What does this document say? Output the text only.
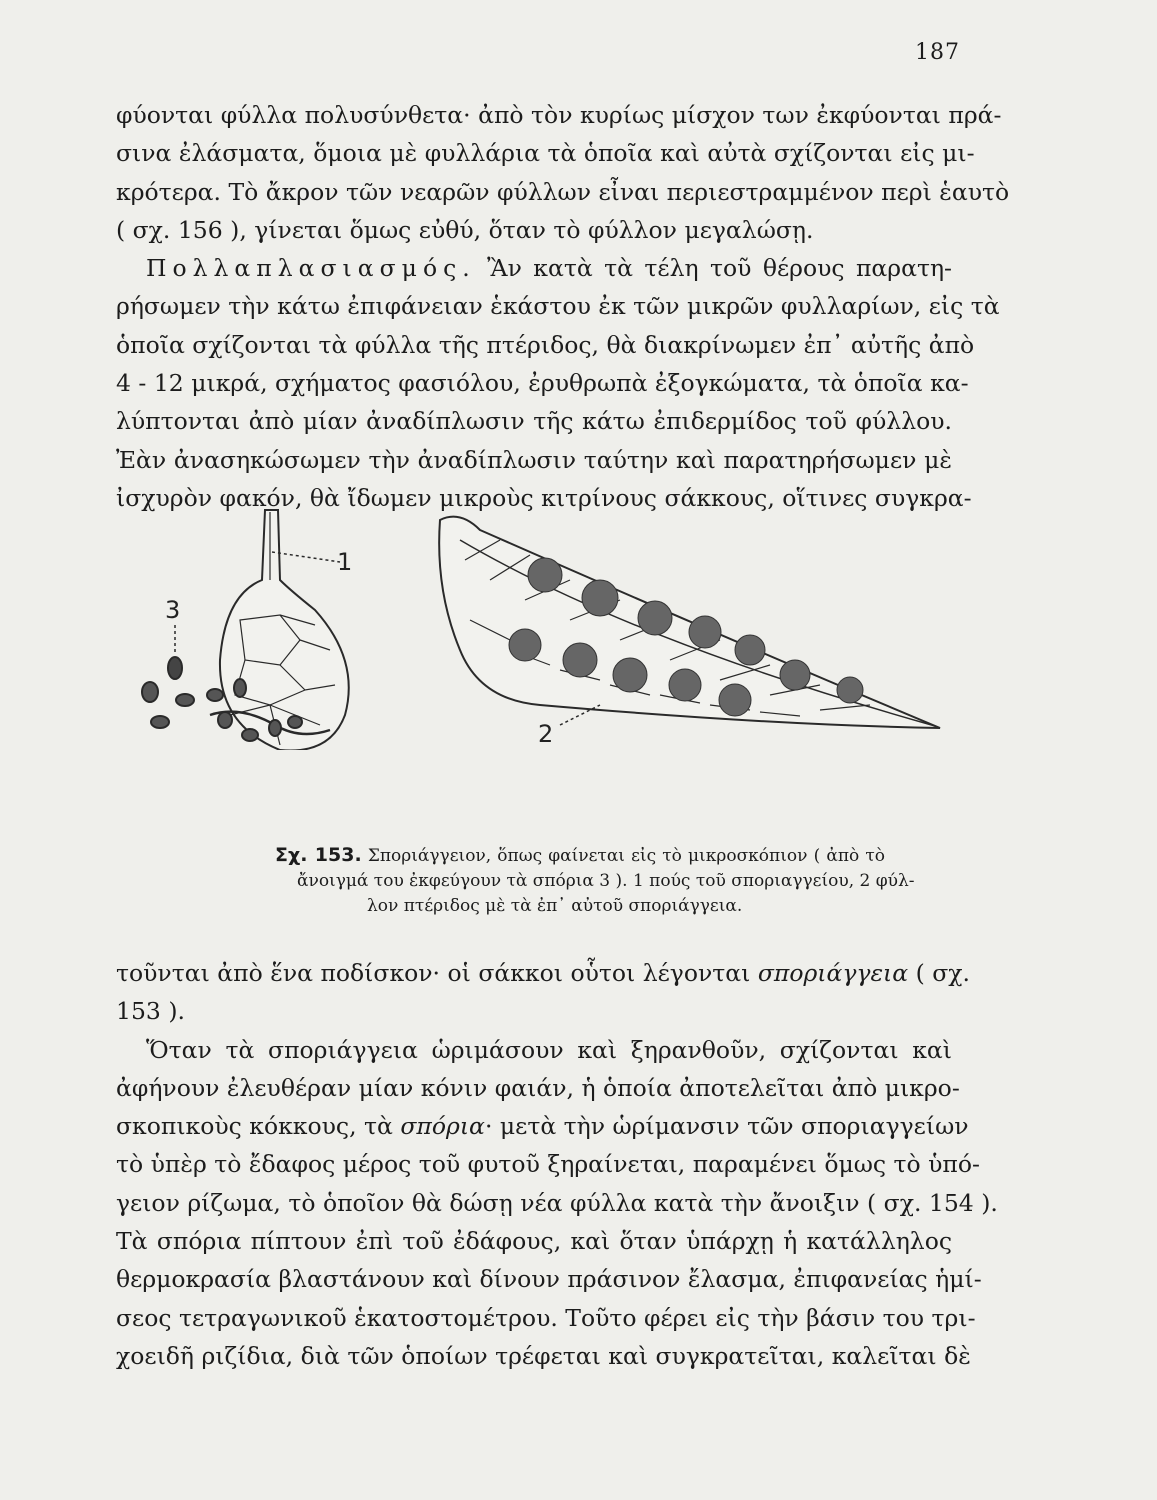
187
φύονται φύλλα πολυσύνθετα· ἀπὸ τὸν κυρίως μίσχον των ἐκφύονται πρά-
σινα ἐλάσματα, ὅμοια μὲ φυλλάρια τὰ ὁποῖα καὶ αὐτὰ σχίζονται εἰς μι-
κρότερα. Τὸ ἄκρον τῶν νεαρῶν φύλλων εἶναι περιεστραμμένον περὶ ἑαυτὸ
( σχ. 156 ), γίνεται ὅμως εὐθύ, ὅταν τὸ φύλλον μεγαλώσῃ.
Πολλαπλασιασμός. Ἂν κατὰ τὰ τέλη τοῦ θέρους παρατη-
ρήσωμεν τὴν κάτω ἐπιφάνειαν ἑκάστου ἐκ τῶν μικρῶν φυλλαρίων, εἰς τὰ
ὁποῖα σχίζονται τὰ φύλλα τῆς πτέριδος, θὰ διακρίνωμεν ἐπ᾽ αὐτῆς ἀπὸ
4 - 12 μικρά, σχήματος φασιόλου, ἐρυθρωπὰ ἐξογκώματα, τὰ ὁποῖα κα-
λύπτονται ἀπὸ μίαν ἀναδίπλωσιν τῆς κάτω ἐπιδερμίδος τοῦ φύλλου.
Ἐὰν ἀνασηκώσωμεν τὴν ἀναδίπλωσιν ταύτην καὶ παρατηρήσωμεν μὲ
ἰσχυρὸν φακόν, θὰ ἴδωμεν μικροὺς κιτρίνους σάκκους, οἵτινες συγκρα-
1
3
2
Σχ. 153. Σποριάγγειον, ὅπως φαίνεται εἰς τὸ μικροσκόπιον ( ἀπὸ τὸ
ἄνοιγμά του ἐκφεύγουν τὰ σπόρια 3 ). 1 πούς τοῦ σποριαγγείου, 2 φύλ-
λον πτέριδος μὲ τὰ ἐπ᾽ αὐτοῦ σποριάγγεια.
τοῦνται ἀπὸ ἕνα ποδίσκον· οἱ σάκκοι οὗτοι λέγονται σποριάγγεια ( σχ.
153 ).
Ὅταν τὰ σποριάγγεια ὡριμάσουν καὶ ξηρανθοῦν, σχίζονται καὶ
ἀφήνουν ἐλευθέραν μίαν κόνιν φαιάν, ἡ ὁποία ἀποτελεῖται ἀπὸ μικρο-
σκοπικοὺς κόκκους, τὰ σπόρια· μετὰ τὴν ὡρίμανσιν τῶν σποριαγγείων
τὸ ὑπὲρ τὸ ἔδαφος μέρος τοῦ φυτοῦ ξηραίνεται, παραμένει ὅμως τὸ ὑπό-
γειον ρίζωμα, τὸ ὁποῖον θὰ δώσῃ νέα φύλλα κατὰ τὴν ἄνοιξιν ( σχ. 154 ).
Τὰ σπόρια πίπτουν ἐπὶ τοῦ ἐδάφους, καὶ ὅταν ὑπάρχῃ ἡ κατάλληλος
θερμοκρασία βλαστάνουν καὶ δίνουν πράσινον ἔλασμα, ἐπιφανείας ἡμί-
σεος τετραγωνικοῦ ἑκατοστομέτρου. Τοῦτο φέρει εἰς τὴν βάσιν του τρι-
χοειδῆ ριζίδια, διὰ τῶν ὁποίων τρέφεται καὶ συγκρατεῖται, καλεῖται δὲ
